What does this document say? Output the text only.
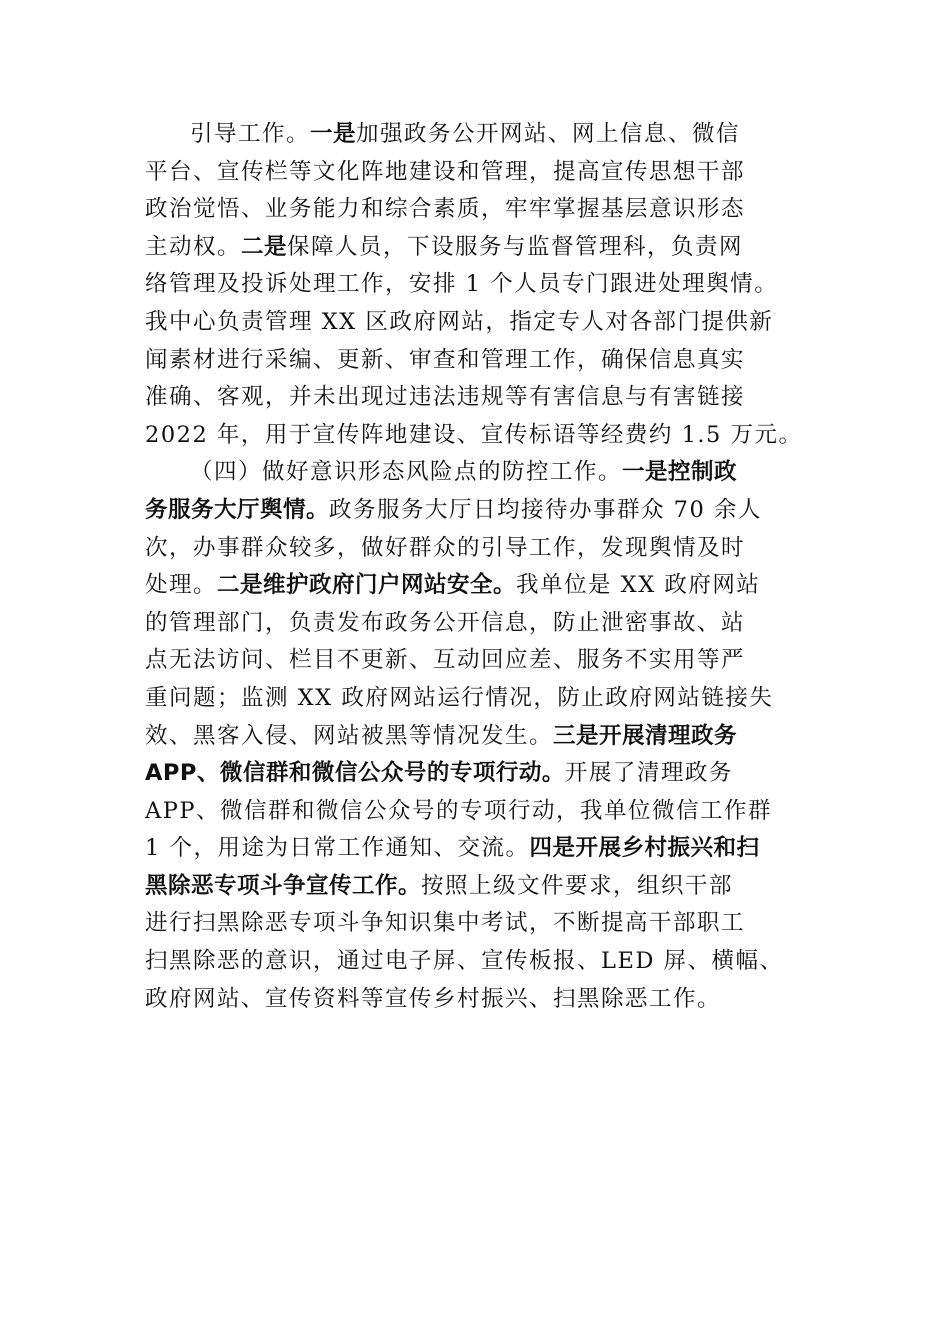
引导工作。一是加强政务公开网站、网上信息、微信
平台、宣传栏等文化阵地建设和管理，提高宣传思想干部
政治觉悟、业务能力和综合素质，牢牢掌握基层意识形态
主动权。二是保障人员，下设服务与监督管理科，负责网
络管理及投诉处理工作，安排 1 个人员专门跟进处理舆情。
我中心负责管理 XX 区政府网站，指定专人对各部门提供新
闻素材进行采编、更新、审查和管理工作，确保信息真实
准确、客观，并未出现过违法违规等有害信息与有害链接
2022 年，用于宣传阵地建设、宣传标语等经费约 1.5 万元。
（四）做好意识形态风险点的防控工作。一是控制政
务服务大厅舆情。政务服务大厅日均接待办事群众 70 余人
次，办事群众较多，做好群众的引导工作，发现舆情及时
处理。二是维护政府门户网站安全。我单位是 XX 政府网站
的管理部门，负责发布政务公开信息，防止泄密事故、站
点无法访问、栏目不更新、互动回应差、服务不实用等严
重问题；监测 XX 政府网站运行情况，防止政府网站链接失
效、黑客入侵、网站被黑等情况发生。三是开展清理政务
APP、微信群和微信公众号的专项行动。开展了清理政务
APP、微信群和微信公众号的专项行动，我单位微信工作群
1 个，用途为日常工作通知、交流。四是开展乡村振兴和扫
黑除恶专项斗争宣传工作。按照上级文件要求，组织干部
进行扫黑除恶专项斗争知识集中考试，不断提高干部职工
扫黑除恶的意识，通过电子屏、宣传板报、LED 屏、横幅、
政府网站、宣传资料等宣传乡村振兴、扫黑除恶工作。
